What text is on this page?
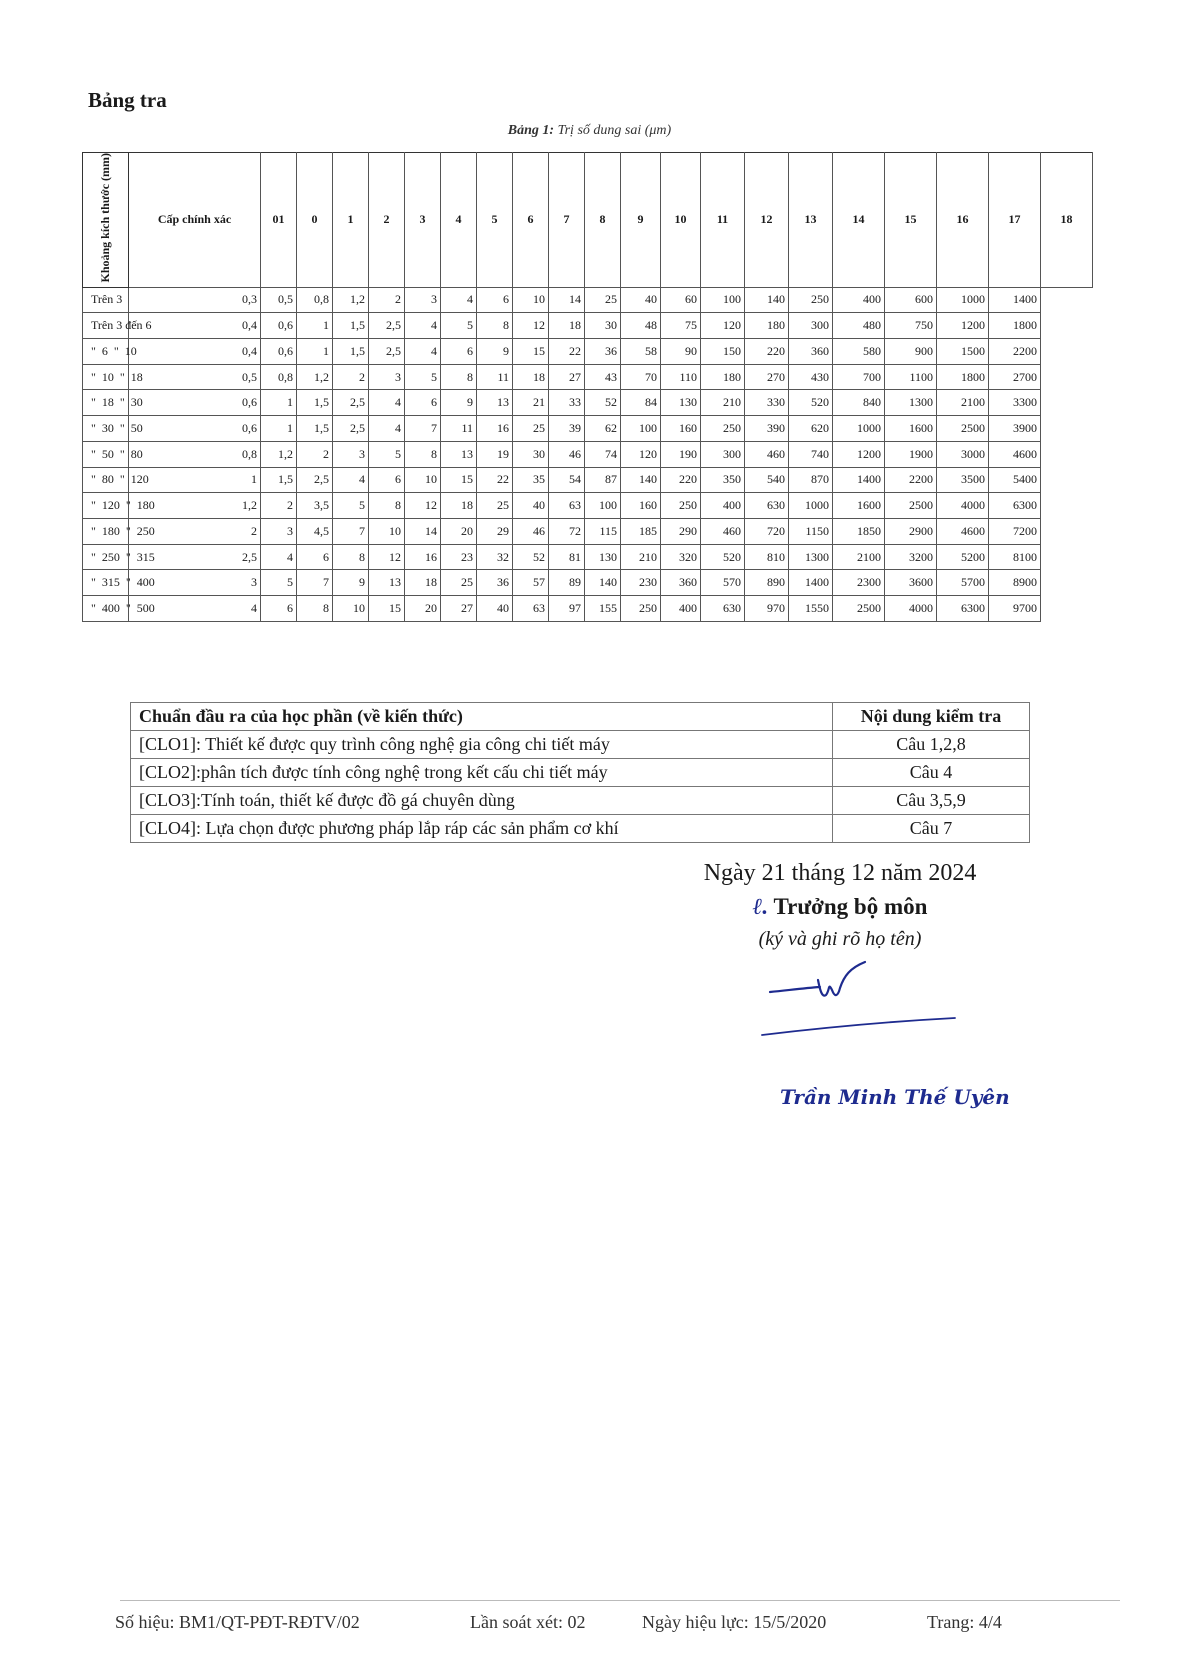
Bảng tra
Bảng 1: Trị số dung sai (μm)
Khoảng kích thước (mm)	Cấp chính xác	01	0	1	2	3	4	5	6	7	8	9	10	11	12	13	14	15	16	17	18
Trên 3	0,3	0,5	0,8	1,2	2	3	4	6	10	14	25	40	60	100	140	250	400	600	1000	1400	
Trên 3 đến 6	0,4	0,6	1	1,5	2,5	4	5	8	12	18	30	48	75	120	180	300	480	750	1200	1800	
"  6  "  10	0,4	0,6	1	1,5	2,5	4	6	9	15	22	36	58	90	150	220	360	580	900	1500	2200	
"  10  "  18	0,5	0,8	1,2	2	3	5	8	11	18	27	43	70	110	180	270	430	700	1100	1800	2700	
"  18  "  30	0,6	1	1,5	2,5	4	6	9	13	21	33	52	84	130	210	330	520	840	1300	2100	3300	
"  30  "  50	0,6	1	1,5	2,5	4	7	11	16	25	39	62	100	160	250	390	620	1000	1600	2500	3900	
"  50  "  80	0,8	1,2	2	3	5	8	13	19	30	46	74	120	190	300	460	740	1200	1900	3000	4600	
"  80  "  120	1	1,5	2,5	4	6	10	15	22	35	54	87	140	220	350	540	870	1400	2200	3500	5400	
"  120  "  180	1,2	2	3,5	5	8	12	18	25	40	63	100	160	250	400	630	1000	1600	2500	4000	6300	
"  180  "  250	2	3	4,5	7	10	14	20	29	46	72	115	185	290	460	720	1150	1850	2900	4600	7200	
"  250  "  315	2,5	4	6	8	12	16	23	32	52	81	130	210	320	520	810	1300	2100	3200	5200	8100	
"  315  "  400	3	5	7	9	13	18	25	36	57	89	140	230	360	570	890	1400	2300	3600	5700	8900	
"  400  "  500	4	6	8	10	15	20	27	40	63	97	155	250	400	630	970	1550	2500	4000	6300	9700	
Chuẩn đầu ra của học phần (về kiến thức)	Nội dung kiểm tra
[CLO1]: Thiết kế được quy trình công nghệ gia công chi tiết máy	Câu 1,2,8
[CLO2]:phân tích được tính công nghệ trong kết cấu chi tiết máy	Câu 4
[CLO3]:Tính toán, thiết kế được đồ gá chuyên dùng	Câu 3,5,9
[CLO4]: Lựa chọn được phương pháp lắp ráp các sản phẩm cơ khí	Câu 7
Ngày 21 tháng 12 năm 2024
ℓ. Trưởng bộ môn
(ký và ghi rõ họ tên)
Trần Minh Thế Uyên
Số hiệu: BM1/QT-PĐT-RĐTV/02	Lần soát xét: 02	Ngày hiệu lực: 15/5/2020	Trang: 4/4
